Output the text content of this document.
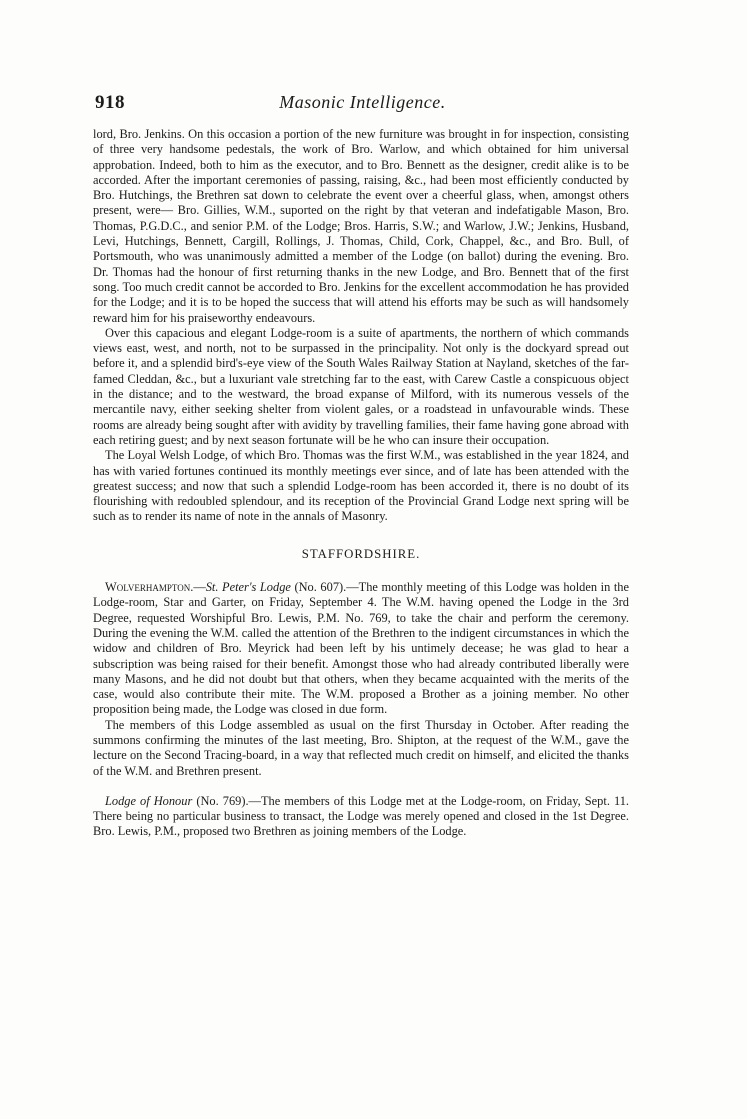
918	Masonic Intelligence.

lord, Bro. Jenkins. On this occasion a portion of the new furniture was brought in for inspection, consisting of three very handsome pedestals, the work of Bro. Warlow, and which obtained for him universal approbation. Indeed, both to him as the executor, and to Bro. Bennett as the designer, credit alike is to be accorded. After the important ceremonies of passing, raising, &c., had been most efficiently conducted by Bro. Hutchings, the Brethren sat down to celebrate the event over a cheerful glass, when, amongst others present, were— Bro. Gillies, W.M., suported on the right by that veteran and indefatigable Mason, Bro. Thomas, P.G.D.C., and senior P.M. of the Lodge; Bros. Harris, S.W.; and Warlow, J.W.; Jenkins, Husband, Levi, Hutchings, Bennett, Cargill, Rollings, J. Thomas, Child, Cork, Chappel, &c., and Bro. Bull, of Portsmouth, who was unanimously admitted a member of the Lodge (on ballot) during the evening. Bro. Dr. Thomas had the honour of first returning thanks in the new Lodge, and Bro. Bennett that of the first song. Too much credit cannot be accorded to Bro. Jenkins for the excellent accommodation he has provided for the Lodge; and it is to be hoped the success that will attend his efforts may be such as will handsomely reward him for his praiseworthy endeavours.

Over this capacious and elegant Lodge-room is a suite of apartments, the northern of which commands views east, west, and north, not to be surpassed in the principality. Not only is the dockyard spread out before it, and a splendid bird's-eye view of the South Wales Railway Station at Nayland, sketches of the far-famed Cleddan, &c., but a luxuriant vale stretching far to the east, with Carew Castle a conspicuous object in the distance; and to the westward, the broad expanse of Milford, with its numerous vessels of the mercantile navy, either seeking shelter from violent gales, or a roadstead in unfavourable winds. These rooms are already being sought after with avidity by travelling families, their fame having gone abroad with each retiring guest; and by next season fortunate will be he who can insure their occupation.

The Loyal Welsh Lodge, of which Bro. Thomas was the first W.M., was established in the year 1824, and has with varied fortunes continued its monthly meetings ever since, and of late has been attended with the greatest success; and now that such a splendid Lodge-room has been accorded it, there is no doubt of its flourishing with redoubled splendour, and its reception of the Provincial Grand Lodge next spring will be such as to render its name of note in the annals of Masonry.

STAFFORDSHIRE.

Wolverhampton.—St. Peter's Lodge (No. 607).—The monthly meeting of this Lodge was holden in the Lodge-room, Star and Garter, on Friday, September 4. The W.M. having opened the Lodge in the 3rd Degree, requested Worshipful Bro. Lewis, P.M. No. 769, to take the chair and perform the ceremony. During the evening the W.M. called the attention of the Brethren to the indigent circumstances in which the widow and children of Bro. Meyrick had been left by his untimely decease; he was glad to hear a subscription was being raised for their benefit. Amongst those who had already contributed liberally were many Masons, and he did not doubt but that others, when they became acquainted with the merits of the case, would also contribute their mite. The W.M. proposed a Brother as a joining member. No other proposition being made, the Lodge was closed in due form.

The members of this Lodge assembled as usual on the first Thursday in October. After reading the summons confirming the minutes of the last meeting, Bro. Shipton, at the request of the W.M., gave the lecture on the Second Tracing-board, in a way that reflected much credit on himself, and elicited the thanks of the W.M. and Brethren present.

Lodge of Honour (No. 769).—The members of this Lodge met at the Lodge-room, on Friday, Sept. 11. There being no particular business to transact, the Lodge was merely opened and closed in the 1st Degree. Bro. Lewis, P.M., proposed two Brethren as joining members of the Lodge.
